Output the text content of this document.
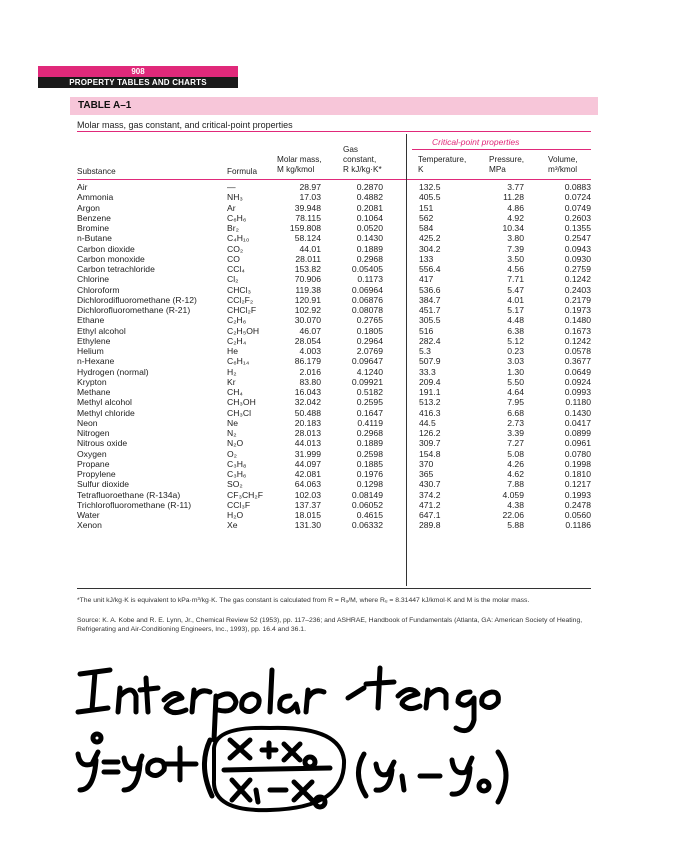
908
PROPERTY TABLES AND CHARTS
TABLE A–1
Molar mass, gas constant, and critical-point properties
Critical-point properties
Substance	Formula
Molar mass,
M kg/kmol
Gas
constant,
R kJ/kg·K*
Temperature,
K
Pressure,
MPa
Volume,
m³/kmol
Air	—	28.97	0.2870	132.5	3.77	0.0883
Ammonia	NH₃	17.03	0.4882	405.5	11.28	0.0724
Argon	Ar	39.948	0.2081	151	4.86	0.0749
Benzene	C₆H₆	78.115	0.1064	562	4.92	0.2603
Bromine	Br₂	159.808	0.0520	584	10.34	0.1355
n-Butane	C₄H₁₀	58.124	0.1430	425.2	3.80	0.2547
Carbon dioxide	CO₂	44.01	0.1889	304.2	7.39	0.0943
Carbon monoxide	CO	28.011	0.2968	133	3.50	0.0930
Carbon tetrachloride	CCl₄	153.82	0.05405	556.4	4.56	0.2759
Chlorine	Cl₂	70.906	0.1173	417	7.71	0.1242
Chloroform	CHCl₃	119.38	0.06964	536.6	5.47	0.2403
Dichlorodifluoromethane (R-12)	CCl₂F₂	120.91	0.06876	384.7	4.01	0.2179
Dichlorofluoromethane (R-21)	CHCl₂F	102.92	0.08078	451.7	5.17	0.1973
Ethane	C₂H₆	30.070	0.2765	305.5	4.48	0.1480
Ethyl alcohol	C₂H₅OH	46.07	0.1805	516	6.38	0.1673
Ethylene	C₂H₄	28.054	0.2964	282.4	5.12	0.1242
Helium	He	4.003	2.0769	5.3	0.23	0.0578
n-Hexane	C₆H₁₄	86.179	0.09647	507.9	3.03	0.3677
Hydrogen (normal)	H₂	2.016	4.1240	33.3	1.30	0.0649
Krypton	Kr	83.80	0.09921	209.4	5.50	0.0924
Methane	CH₄	16.043	0.5182	191.1	4.64	0.0993
Methyl alcohol	CH₃OH	32.042	0.2595	513.2	7.95	0.1180
Methyl chloride	CH₃Cl	50.488	0.1647	416.3	6.68	0.1430
Neon	Ne	20.183	0.4119	44.5	2.73	0.0417
Nitrogen	N₂	28.013	0.2968	126.2	3.39	0.0899
Nitrous oxide	N₂O	44.013	0.1889	309.7	7.27	0.0961
Oxygen	O₂	31.999	0.2598	154.8	5.08	0.0780
Propane	C₃H₈	44.097	0.1885	370	4.26	0.1998
Propylene	C₃H₆	42.081	0.1976	365	4.62	0.1810
Sulfur dioxide	SO₂	64.063	0.1298	430.7	7.88	0.1217
Tetrafluoroethane (R-134a)	CF₃CH₂F	102.03	0.08149	374.2	4.059	0.1993
Trichlorofluoromethane (R-11)	CCl₃F	137.37	0.06052	471.2	4.38	0.2478
Water	H₂O	18.015	0.4615	647.1	22.06	0.0560
Xenon	Xe	131.30	0.06332	289.8	5.88	0.1186
*The unit kJ/kg·K is equivalent to kPa·m³/kg·K. The gas constant is calculated from R = Rᵤ/M, where Rᵤ = 8.31447 kJ/kmol·K and M is the molar mass.
Source: K. A. Kobe and R. E. Lynn, Jr., Chemical Review 52 (1953), pp. 117–236; and ASHRAE, Handbook of Fundamentals (Atlanta, GA: American Society of Heating, Refrigerating and Air-Conditioning Engineers, Inc., 1993), pp. 16.4 and 36.1.
